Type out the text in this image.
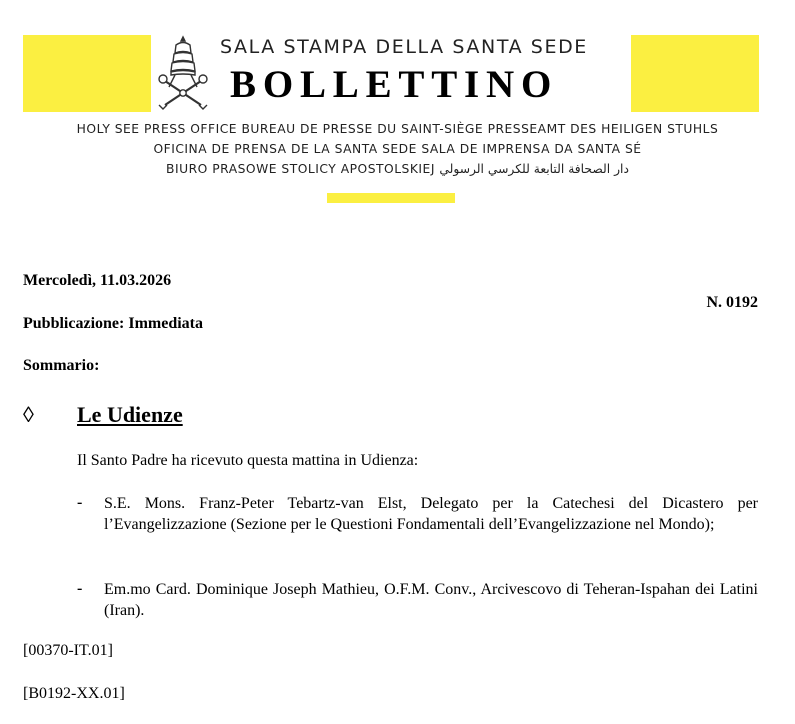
SALA STAMPA DELLA SANTA SEDE
BOLLETTINO
HOLY SEE PRESS OFFICE BUREAU DE PRESSE DU SAINT-SIÈGE PRESSEAMT DES HEILIGEN STUHLS
OFICINA DE PRENSA DE LA SANTA SEDE SALA DE IMPRENSA DA SANTA SÉ
BIURO PRASOWE STOLICY APOSTOLSKIEJ دار الصحافة التابعة للكرسي الرسولي
Mercoledì, 11.03.2026
N. 0192
Pubblicazione: Immediata
Sommario:
◊ Le Udienze
Il Santo Padre ha ricevuto questa mattina in Udienza:
- S.E. Mons. Franz-Peter Tebartz-van Elst, Delegato per la Catechesi del Dicastero per l’Evangelizzazione (Sezione per le Questioni Fondamentali dell’Evangelizzazione nel Mondo);
- Em.mo Card. Dominique Joseph Mathieu, O.F.M. Conv., Arcivescovo di Teheran-Ispahan dei Latini (Iran).
[00370-IT.01]
[B0192-XX.01]
